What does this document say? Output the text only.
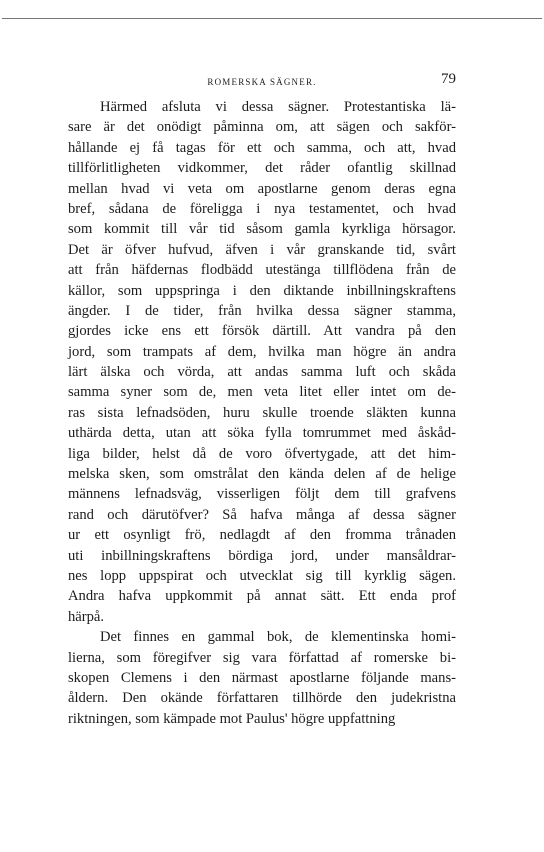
ROMERSKA SÄGNER.	79
Härmed afsluta vi dessa sägner. Protestantiska lä-
sare är det onödigt påminna om, att sägen och sakför-
hållande ej få tagas för ett och samma, och att, hvad
tillförlitligheten vidkommer, det råder ofantlig skillnad
mellan hvad vi veta om apostlarne genom deras egna
bref, sådana de föreligga i nya testamentet, och hvad
som kommit till vår tid såsom gamla kyrkliga hörsagor.
Det är öfver hufvud, äfven i vår granskande tid, svårt
att från häfdernas flodbädd utestänga tillflödena från de
källor, som uppspringa i den diktande inbillningskraftens
ängder. I de tider, från hvilka dessa sägner stamma,
gjordes icke ens ett försök därtill. Att vandra på den
jord, som trampats af dem, hvilka man högre än andra
lärt älska och vörda, att andas samma luft och skåda
samma syner som de, men veta litet eller intet om de-
ras sista lefnadsöden, huru skulle troende släkten kunna
uthärda detta, utan att söka fylla tomrummet med åskåd-
liga bilder, helst då de voro öfvertygade, att det him-
melska sken, som omstrålat den kända delen af de helige
männens lefnadsväg, visserligen följt dem till grafvens
rand och därutöfver? Så hafva många af dessa sägner
ur ett osynligt frö, nedlagdt af den fromma trånaden
uti inbillningskraftens bördiga jord, under mansåldrar-
nes lopp uppspirat och utvecklat sig till kyrklig sägen.
Andra hafva uppkommit på annat sätt. Ett enda prof
härpå.
Det finnes en gammal bok, de klementinska homi-
lierna, som föregifver sig vara författad af romerske bi-
skopen Clemens i den närmast apostlarne följande mans-
åldern. Den okände författaren tillhörde den judekristna
riktningen, som kämpade mot Paulus' högre uppfattning
